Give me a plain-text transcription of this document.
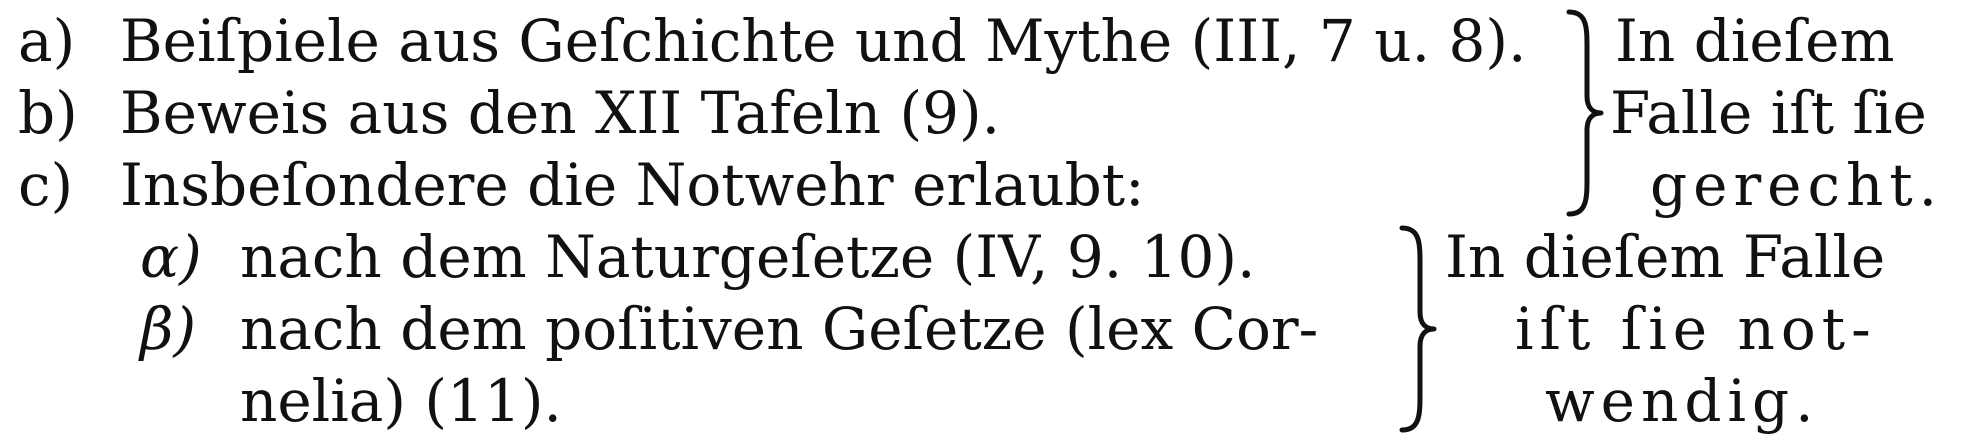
a) Beiſpiele aus Geſchichte und Mythe (III, 7 u. 8).
b) Beweis aus den XII Tafeln (9).
c) Insbeſondere die Notwehr erlaubt:
In dieſem
Falle iſt ſie
gerecht.
α) nach dem Naturgeſetze (IV, 9. 10).
β) nach dem poſitiven Geſetze (lex Cor-
nelia) (11).
In dieſem Falle
iſt ſie not-
wendig.
